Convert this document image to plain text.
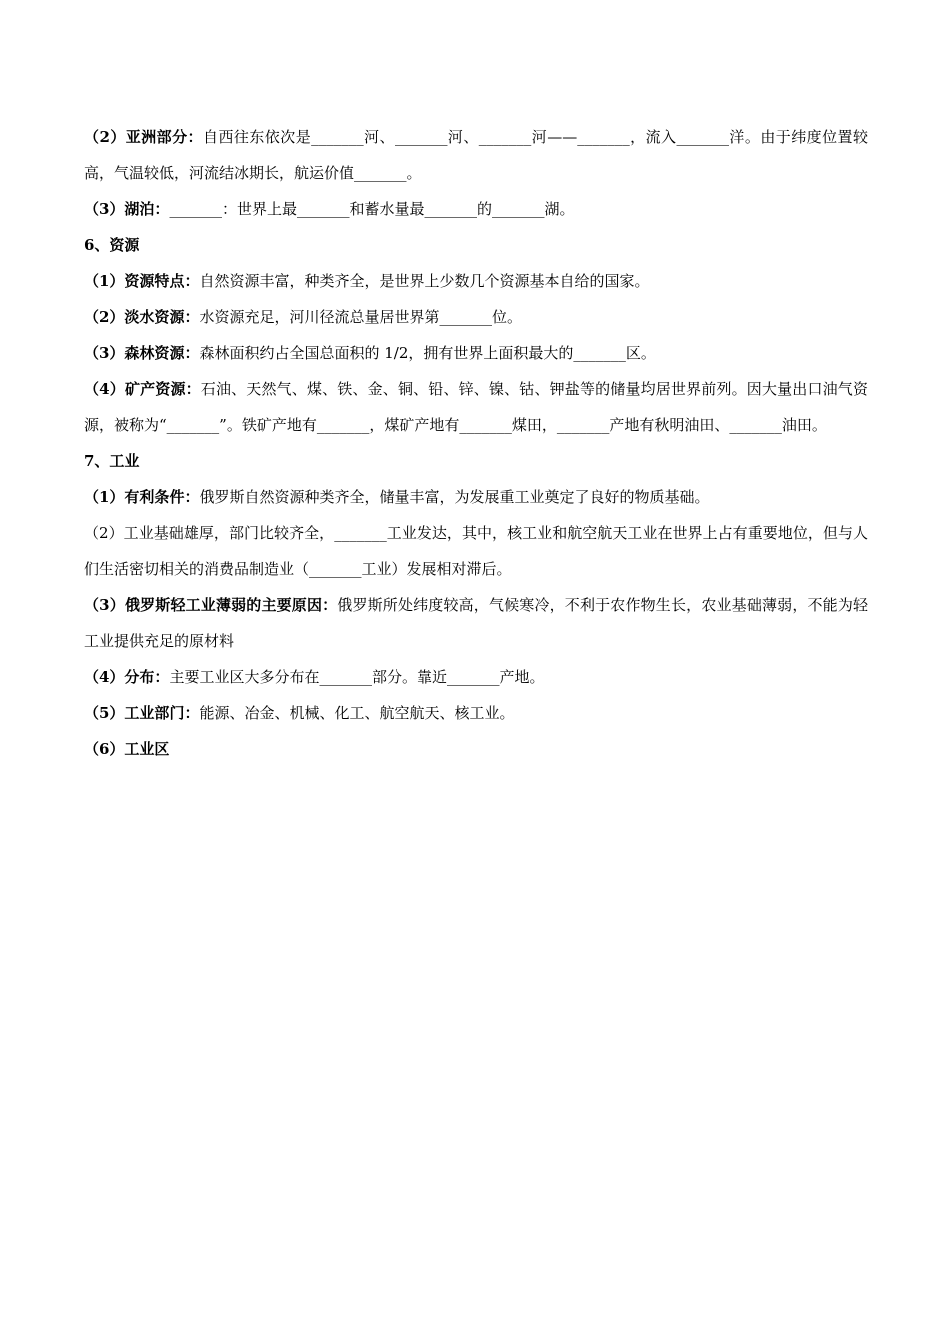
（2）亚洲部分：自西往东依次是_______河、_______河、_______河——_______，流入_______洋。由于纬度位置较高，气温较低，河流结冰期长，航运价值_______。

（3）湖泊：_______：世界上最_______和蓄水量最_______的_______湖。

6、资源

（1）资源特点：自然资源丰富，种类齐全，是世界上少数几个资源基本自给的国家。

（2）淡水资源：水资源充足，河川径流总量居世界第_______位。

（3）森林资源：森林面积约占全国总面积的 1/2，拥有世界上面积最大的_______区。

（4）矿产资源：石油、天然气、煤、铁、金、铜、铅、锌、镍、钴、钾盐等的储量均居世界前列。因大量出口油气资源，被称为“_______”。铁矿产地有_______，煤矿产地有_______煤田，_______产地有秋明油田、_______油田。

7、工业

（1）有利条件：俄罗斯自然资源种类齐全，储量丰富，为发展重工业奠定了良好的物质基础。

（2）工业基础雄厚，部门比较齐全，_______工业发达，其中，核工业和航空航天工业在世界上占有重要地位，但与人们生活密切相关的消费品制造业（_______工业）发展相对滞后。

（3）俄罗斯轻工业薄弱的主要原因：俄罗斯所处纬度较高，气候寒冷，不利于农作物生长，农业基础薄弱，不能为轻工业提供充足的原材料

（4）分布：主要工业区大多分布在_______部分。靠近_______产地。

（5）工业部门：能源、冶金、机械、化工、航空航天、核工业。

（6）工业区
